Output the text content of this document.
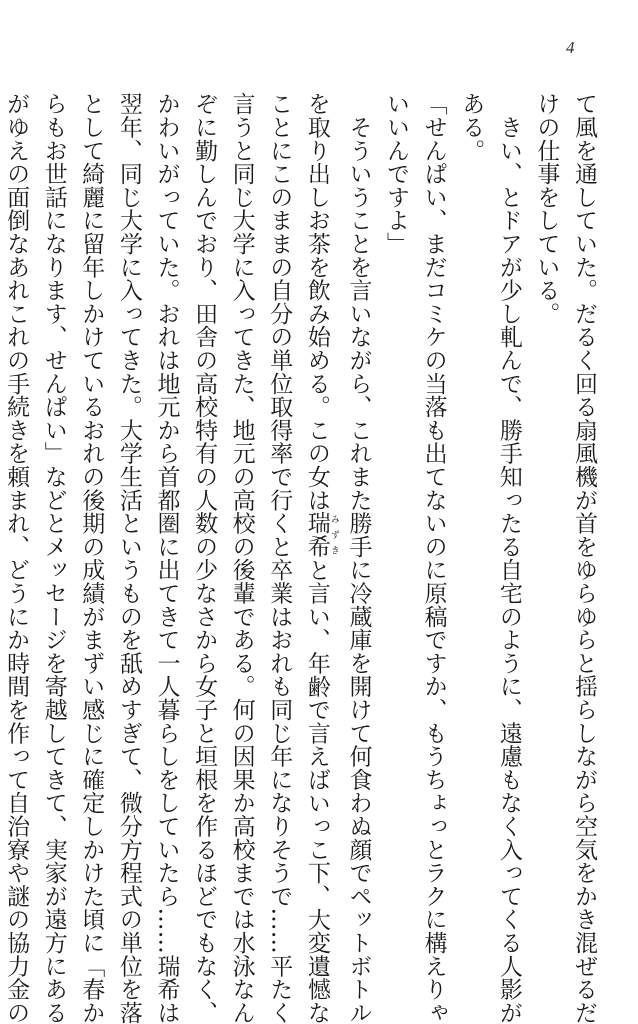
4
て風を通していた。だるく回る扇風機が首をゆらゆらと揺らしながら空気をかき混ぜるだ
けの仕事をしている。
　きい、とドアが少し軋んで、勝手知ったる自宅のように、遠慮もなく入ってくる人影が
ある。
「せんぱい、まだコミケの当落も出てないのに原稿ですか、もうちょっとラクに構えりゃ
いいんですよ」
　そういうことを言いながら、これまた勝手に冷蔵庫を開けて何食わぬ顔でペットボトル
を取り出しお茶を飲み始める。この女は瑞希 みずきと言い、年齢で言えばいっこ下、大変遺憾な
ことにこのままの自分の単位取得率で行くと卒業はおれも同じ年になりそうで……平たく
言うと同じ大学に入ってきた、地元の高校の後輩である。何の因果か高校までは水泳なん
ぞに勤しんでおり、田舎の高校特有の人数の少なさから女子と垣根を作るほどでもなく、
かわいがっていた。おれは地元から首都圏に出てきて一人暮らしをしていたら……瑞希は
翌年、同じ大学に入ってきた。大学生活というものを舐めすぎて、微分方程式の単位を落
として綺麗に留年しかけているおれの後期の成績がまずい感じに確定しかけた頃に「春か
らもお世話になります、せんぱい」などとメッセージを寄越してきて、実家が遠方にある
がゆえの面倒なあれこれの手続きを頼まれ、どうにか時間を作って自治寮や謎の協力金の
